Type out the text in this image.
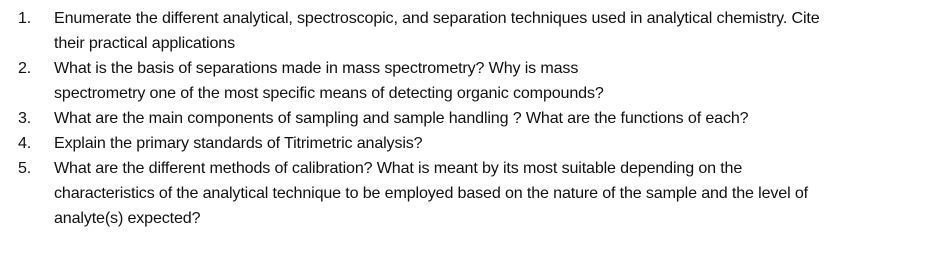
1.	Enumerate the different analytical, spectroscopic, and separation techniques used in analytical chemistry. Cite
their practical applications
2.	What is the basis of separations made in mass spectrometry? Why is mass
spectrometry one of the most specific means of detecting organic compounds?
3.	What are the main components of sampling and sample handling ? What are the functions of each?
4.	Explain the primary standards of Titrimetric analysis?
5.	What are the different methods of calibration? What is meant by its most suitable depending on the
characteristics of the analytical technique to be employed based on the nature of the sample and the level of
analyte(s) expected?
